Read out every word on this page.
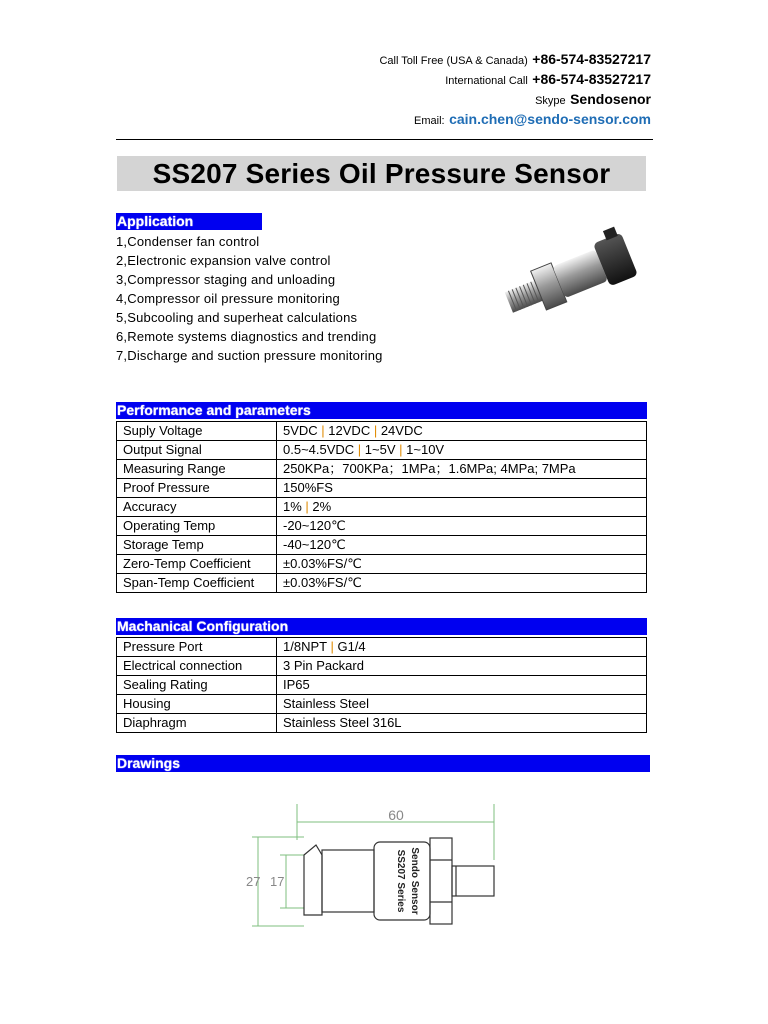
Call Toll Free (USA & Canada) +86-574-83527217
International Call +86-574-83527217
Skype Sendosenor
Email: cain.chen@sendo-sensor.com
SS207 Series Oil Pressure Sensor
Application
1,Condenser fan control
2,Electronic expansion valve control
3,Compressor staging and unloading
4,Compressor oil pressure monitoring
5,Subcooling and superheat calculations
6,Remote systems diagnostics and trending
7,Discharge and suction pressure monitoring
Performance and parameters
Suply Voltage	5VDC | 12VDC | 24VDC
Output Signal	0.5~4.5VDC | 1~5V | 1~10V
Measuring Range	250KPa；700KPa；1MPa；1.6MPa; 4MPa; 7MPa
Proof Pressure	150%FS
Accuracy	1% | 2%
Operating Temp	-20~120℃
Storage Temp	-40~120℃
Zero-Temp Coefficient	±0.03%FS/℃
Span-Temp Coefficient	±0.03%FS/℃
Machanical Configuration
Pressure Port	1/8NPT | G1/4
Electrical connection	3 Pin Packard
Sealing Rating	IP65
Housing	Stainless Steel
Diaphragm	Stainless Steel 316L
Drawings
60
27 17	Sendo Sensor
SS207 Series
